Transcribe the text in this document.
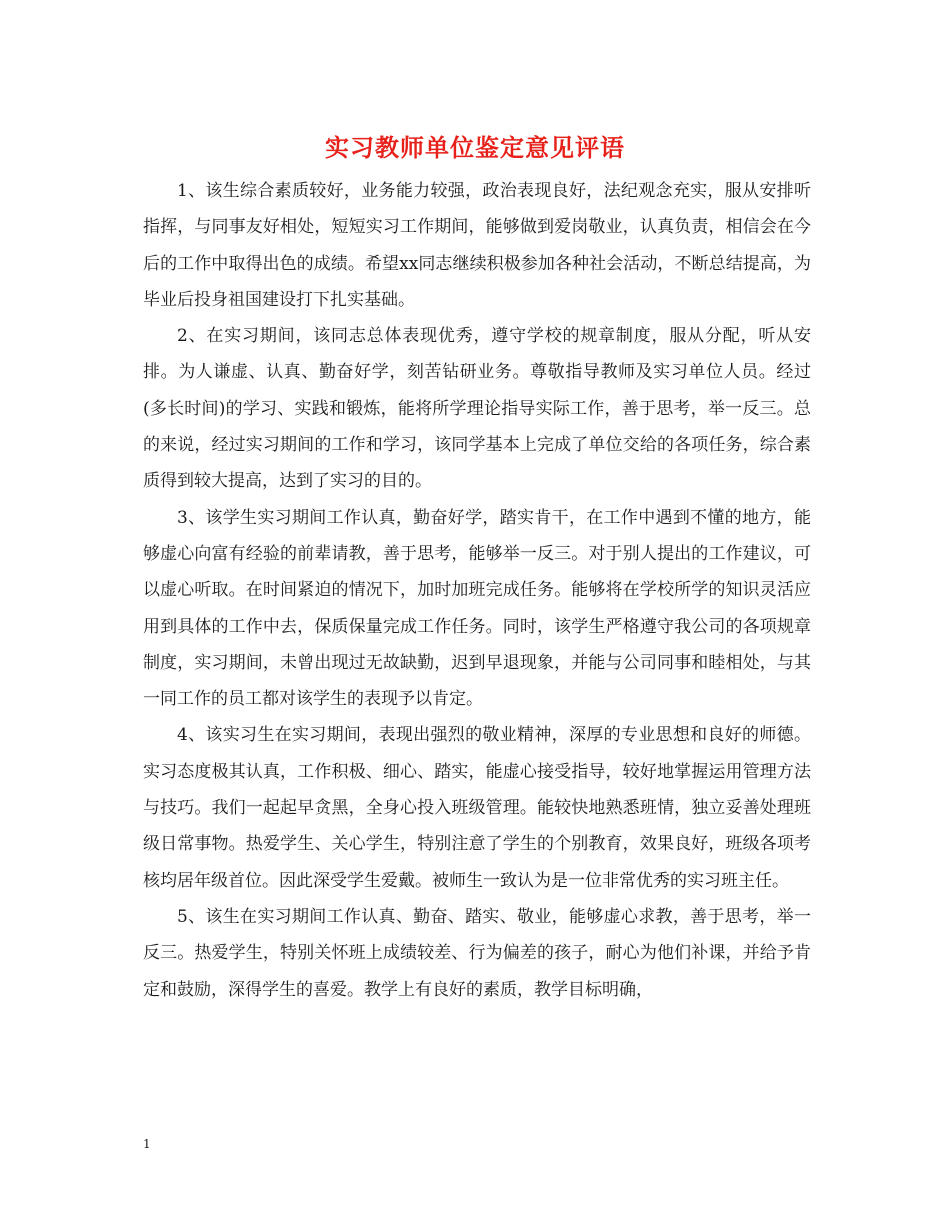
实习教师单位鉴定意见评语

1、该生综合素质较好，业务能力较强，政治表现良好，法纪观念充实，服从安排听指挥，与同事友好相处，短短实习工作期间，能够做到爱岗敬业，认真负责，相信会在今后的工作中取得出色的成绩。希望xx同志继续积极参加各种社会活动，不断总结提高，为毕业后投身祖国建设打下扎实基础。

2、在实习期间，该同志总体表现优秀，遵守学校的规章制度，服从分配，听从安排。为人谦虚、认真、勤奋好学，刻苦钻研业务。尊敬指导教师及实习单位人员。经过(多长时间)的学习、实践和锻炼，能将所学理论指导实际工作，善于思考，举一反三。总的来说，经过实习期间的工作和学习，该同学基本上完成了单位交给的各项任务，综合素质得到较大提高，达到了实习的目的。

3、该学生实习期间工作认真，勤奋好学，踏实肯干，在工作中遇到不懂的地方，能够虚心向富有经验的前辈请教，善于思考，能够举一反三。对于别人提出的工作建议，可以虚心听取。在时间紧迫的情况下，加时加班完成任务。能够将在学校所学的知识灵活应用到具体的工作中去，保质保量完成工作任务。同时，该学生严格遵守我公司的各项规章制度，实习期间，未曾出现过无故缺勤，迟到早退现象，并能与公司同事和睦相处，与其一同工作的员工都对该学生的表现予以肯定。

4、该实习生在实习期间，表现出强烈的敬业精神，深厚的专业思想和良好的师德。实习态度极其认真，工作积极、细心、踏实，能虚心接受指导，较好地掌握运用管理方法与技巧。我们一起起早贪黑，全身心投入班级管理。能较快地熟悉班情，独立妥善处理班级日常事物。热爱学生、关心学生，特别注意了学生的个别教育，效果良好，班级各项考核均居年级首位。因此深受学生爱戴。被师生一致认为是一位非常优秀的实习班主任。

5、该生在实习期间工作认真、勤奋、踏实、敬业，能够虚心求教，善于思考，举一反三。热爱学生，特别关怀班上成绩较差、行为偏差的孩子，耐心为他们补课，并给予肯定和鼓励，深得学生的喜爱。教学上有良好的素质，教学目标明确，

1
